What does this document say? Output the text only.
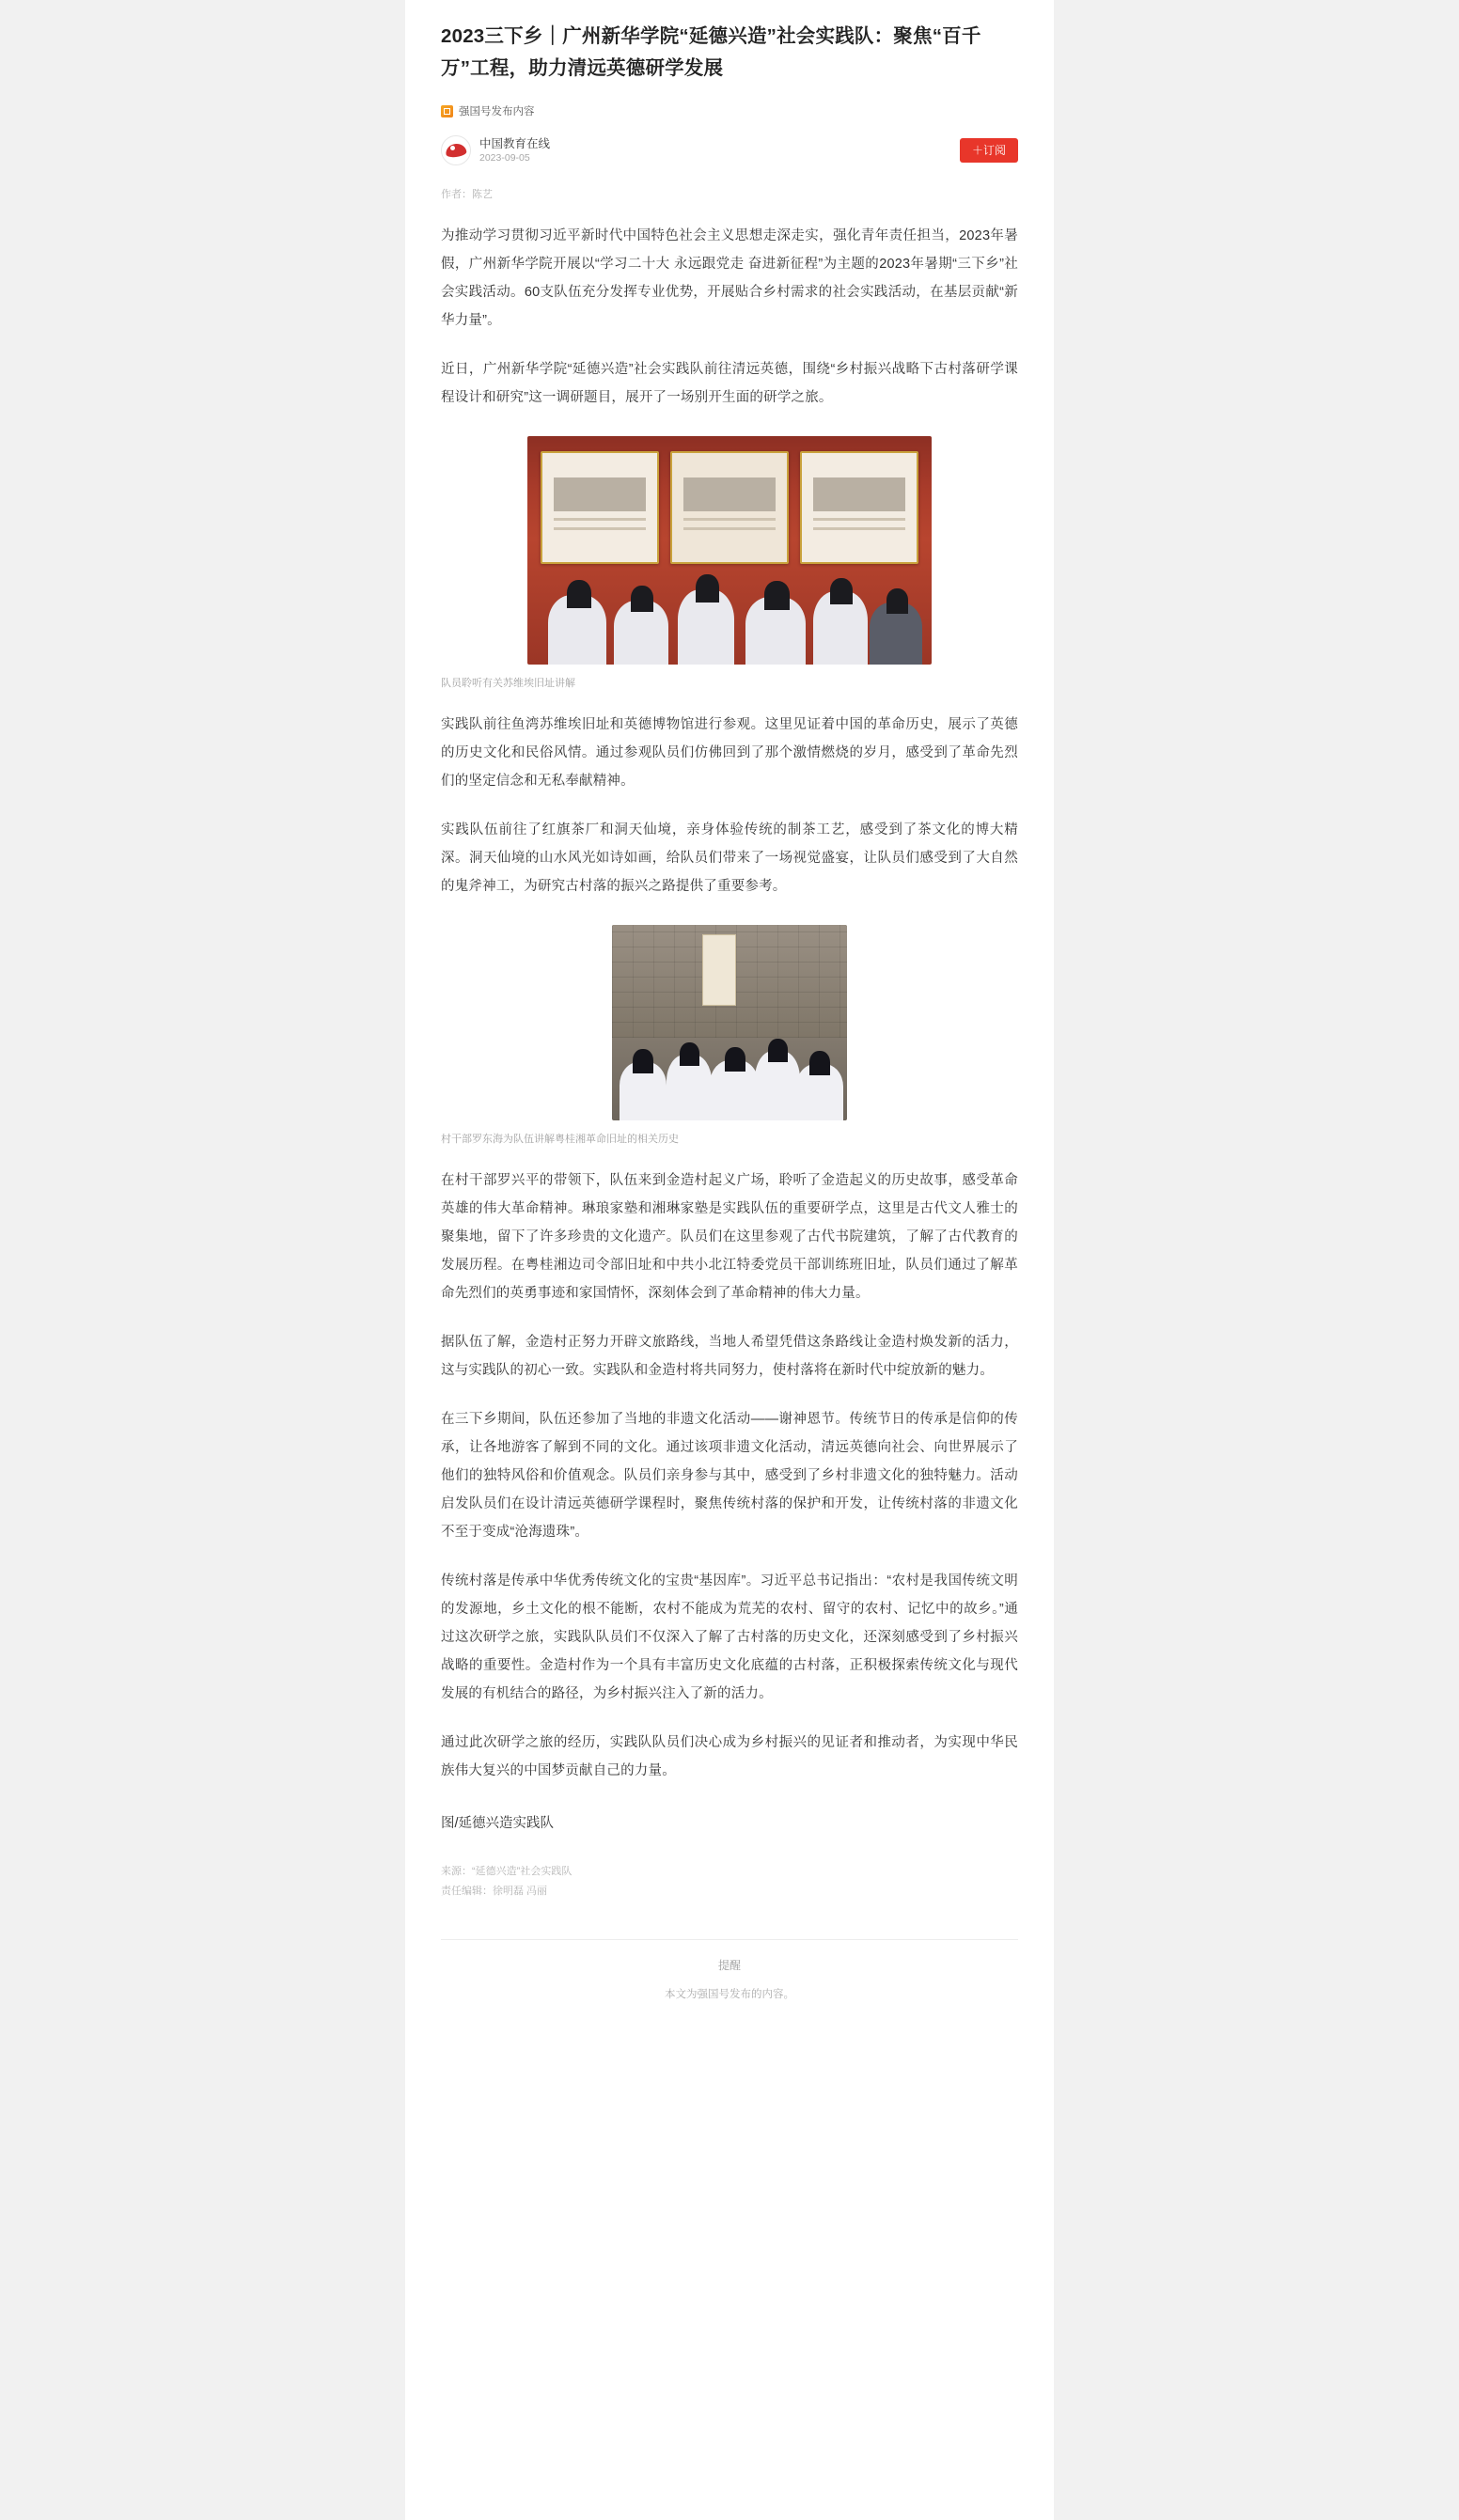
2023三下乡｜广州新华学院“延德兴造”社会实践队：聚焦“百千万”工程，助力清远英德研学发展
强国号发布内容
中国教育在线
2023-09-05
＋订阅
作者：陈艺

为推动学习贯彻习近平新时代中国特色社会主义思想走深走实，强化青年责任担当，2023年暑假，广州新华学院开展以“学习二十大 永远跟党走 奋进新征程”为主题的2023年暑期“三下乡”社会实践活动。60支队伍充分发挥专业优势，开展贴合乡村需求的社会实践活动，在基层贡献“新华力量”。

近日，广州新华学院“延德兴造”社会实践队前往清远英德，围绕“乡村振兴战略下古村落研学课程设计和研究”这一调研题目，展开了一场别开生面的研学之旅。

队员聆听有关苏维埃旧址讲解

实践队前往鱼湾苏维埃旧址和英德博物馆进行参观。这里见证着中国的革命历史，展示了英德的历史文化和民俗风情。通过参观队员们仿佛回到了那个激情燃烧的岁月，感受到了革命先烈们的坚定信念和无私奉献精神。

实践队伍前往了红旗茶厂和洞天仙境，亲身体验传统的制茶工艺，感受到了茶文化的博大精深。洞天仙境的山水风光如诗如画，给队员们带来了一场视觉盛宴，让队员们感受到了大自然的鬼斧神工，为研究古村落的振兴之路提供了重要参考。

村干部罗东海为队伍讲解粤桂湘革命旧址的相关历史

在村干部罗兴平的带领下，队伍来到金造村起义广场，聆听了金造起义的历史故事，感受革命英雄的伟大革命精神。琳琅家塾和湘琳家塾是实践队伍的重要研学点，这里是古代文人雅士的聚集地，留下了许多珍贵的文化遗产。队员们在这里参观了古代书院建筑，了解了古代教育的发展历程。在粤桂湘边司令部旧址和中共小北江特委党员干部训练班旧址，队员们通过了解革命先烈们的英勇事迹和家国情怀，深刻体会到了革命精神的伟大力量。

据队伍了解，金造村正努力开辟文旅路线，当地人希望凭借这条路线让金造村焕发新的活力，这与实践队的初心一致。实践队和金造村将共同努力，使村落将在新时代中绽放新的魅力。

在三下乡期间，队伍还参加了当地的非遗文化活动——谢神恩节。传统节日的传承是信仰的传承，让各地游客了解到不同的文化。通过该项非遗文化活动，清远英德向社会、向世界展示了他们的独特风俗和价值观念。队员们亲身参与其中，感受到了乡村非遗文化的独特魅力。活动启发队员们在设计清远英德研学课程时，聚焦传统村落的保护和开发，让传统村落的非遗文化不至于变成“沧海遗珠”。

传统村落是传承中华优秀传统文化的宝贵“基因库”。习近平总书记指出：“农村是我国传统文明的发源地，乡土文化的根不能断，农村不能成为荒芜的农村、留守的农村、记忆中的故乡。”通过这次研学之旅，实践队队员们不仅深入了解了古村落的历史文化，还深刻感受到了乡村振兴战略的重要性。金造村作为一个具有丰富历史文化底蕴的古村落，正积极探索传统文化与现代发展的有机结合的路径，为乡村振兴注入了新的活力。

通过此次研学之旅的经历，实践队队员们决心成为乡村振兴的见证者和推动者，为实现中华民族伟大复兴的中国梦贡献自己的力量。

图/延德兴造实践队
来源：“延德兴造”社会实践队
责任编辑：徐明磊 冯丽
提醒
本文为强国号发布的内容。
